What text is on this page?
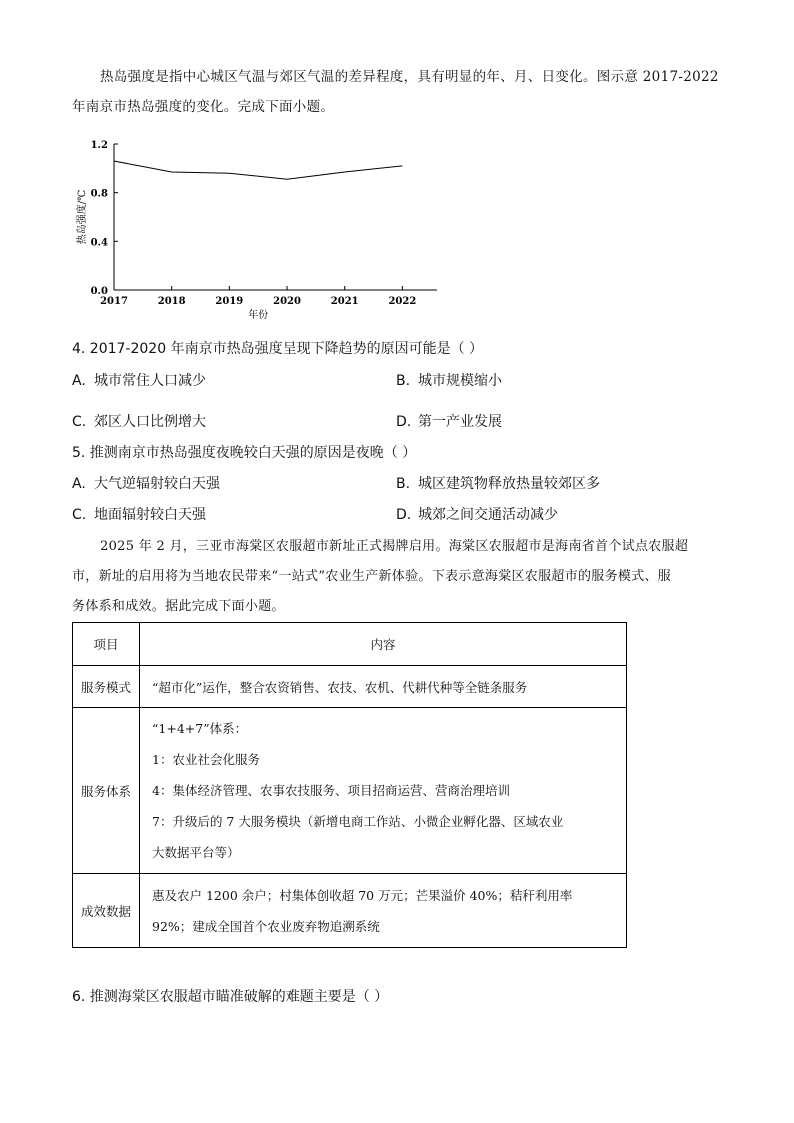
热岛强度是指中心城区气温与郊区气温的差异程度，具有明显的年、月、日变化。图示意 2017-2022
年南京市热岛强度的变化。完成下面小题。
0.0
0.4
0.8
1.2
2017	2018	2019	2020	2021	2022
年份
热岛强度/℃
4. 2017-2020 年南京市热岛强度呈现下降趋势的原因可能是（ ）
A. 城市常住人口减少	B. 城市规模缩小
C. 郊区人口比例增大	D. 第一产业发展
5. 推测南京市热岛强度夜晚较白天强的原因是夜晚（ ）
A. 大气逆辐射较白天强	B. 城区建筑物释放热量较郊区多
C. 地面辐射较白天强	D. 城郊之间交通活动减少
2025 年 2 月，三亚市海棠区农服超市新址正式揭牌启用。海棠区农服超市是海南省首个试点农服超
市，新址的启用将为当地农民带来“一站式”农业生产新体验。下表示意海棠区农服超市的服务模式、服
务体系和成效。据此完成下面小题。
项目	内容
服务模式	“超市化”运作，整合农资销售、农技、农机、代耕代种等全链条服务
服务体系	“1+4+7”体系：
1：农业社会化服务
4：集体经济管理、农事农技服务、项目招商运营、营商治理培训
7：升级后的 7 大服务模块（新增电商工作站、小微企业孵化器、区域农业
大数据平台等）

成效数据	惠及农户 1200 余户；村集体创收超 70 万元；芒果溢价 40%；秸秆利用率
92%；建成全国首个农业废弃物追溯系统
6. 推测海棠区农服超市瞄准破解的难题主要是（ ）
